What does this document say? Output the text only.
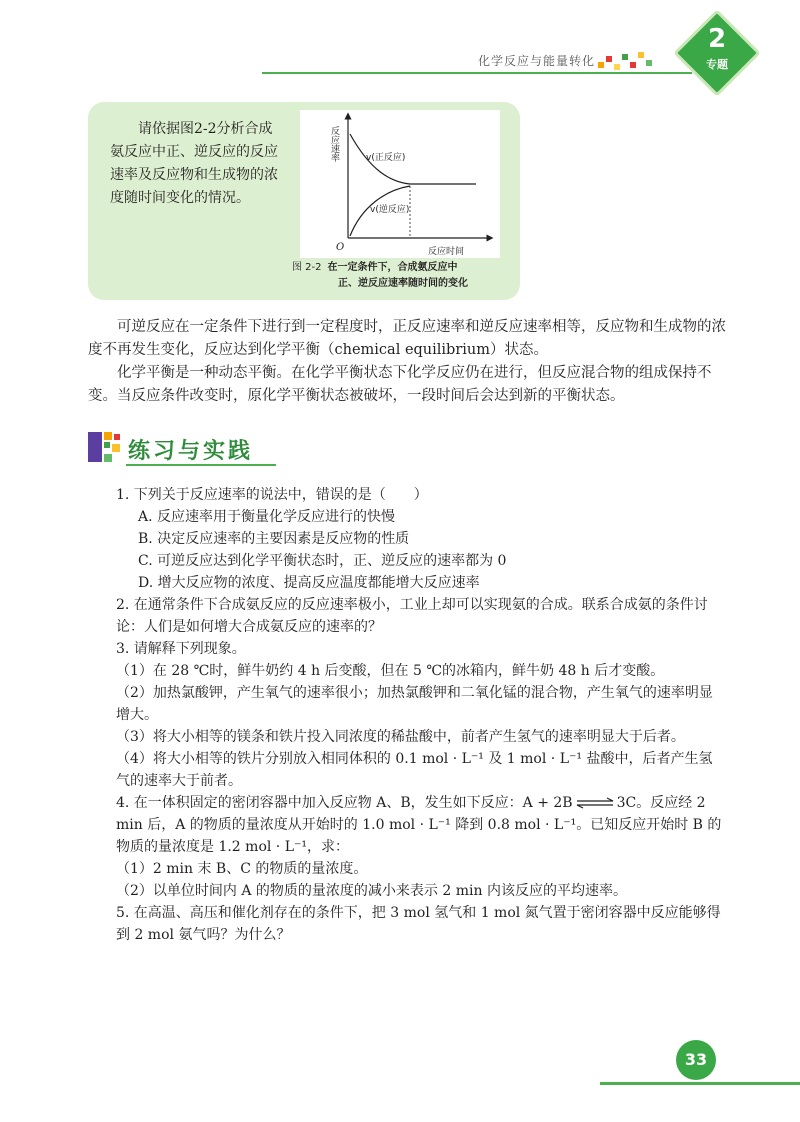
化学反应与能量转化
2
专题

请依据图2-2分析合成氨反应中正、逆反应的反应速率及反应物和生成物的浓度随时间变化的情况。

反应速率	v(正反应)
v(逆反应)
O	反应时间
图 2-2 在一定条件下，合成氨反应中
正、逆反应速率随时间的变化

可逆反应在一定条件下进行到一定程度时，正反应速率和逆反应速率相等，反应物和生成物的浓度不再发生变化，反应达到化学平衡（chemical equilibrium）状态。

化学平衡是一种动态平衡。在化学平衡状态下化学反应仍在进行，但反应混合物的组成保持不变。当反应条件改变时，原化学平衡状态被破坏，一段时间后会达到新的平衡状态。

练习与实践
1. 下列关于反应速率的说法中，错误的是（　　）
A. 反应速率用于衡量化学反应进行的快慢
B. 决定反应速率的主要因素是反应物的性质
C. 可逆反应达到化学平衡状态时，正、逆反应的速率都为 0
D. 增大反应物的浓度、提高反应温度都能增大反应速率
2. 在通常条件下合成氨反应的反应速率极小，工业上却可以实现氨的合成。联系合成氨的条件讨论：人们是如何增大合成氨反应的速率的？
3. 请解释下列现象。
（1）在 28 ℃时，鲜牛奶约 4 h 后变酸，但在 5 ℃的冰箱内，鲜牛奶 48 h 后才变酸。
（2）加热氯酸钾，产生氧气的速率很小；加热氯酸钾和二氧化锰的混合物，产生氧气的速率明显增大。
（3）将大小相等的镁条和铁片投入同浓度的稀盐酸中，前者产生氢气的速率明显大于后者。
（4）将大小相等的铁片分别放入相同体积的 0.1 mol · L⁻¹ 及 1 mol · L⁻¹ 盐酸中，后者产生氢气的速率大于前者。
4. 在一体积固定的密闭容器中加入反应物 A、B，发生如下反应：A + 2B ⇌ 3C。反应经 2 min 后，A 的物质的量浓度从开始时的 1.0 mol · L⁻¹ 降到 0.8 mol · L⁻¹。已知反应开始时 B 的物质的量浓度是 1.2 mol · L⁻¹，求：
（1）2 min 末 B、C 的物质的量浓度。
（2）以单位时间内 A 的物质的量浓度的减小来表示 2 min 内该反应的平均速率。
5. 在高温、高压和催化剂存在的条件下，把 3 mol 氢气和 1 mol 氮气置于密闭容器中反应能够得到 2 mol 氨气吗？为什么？
33
